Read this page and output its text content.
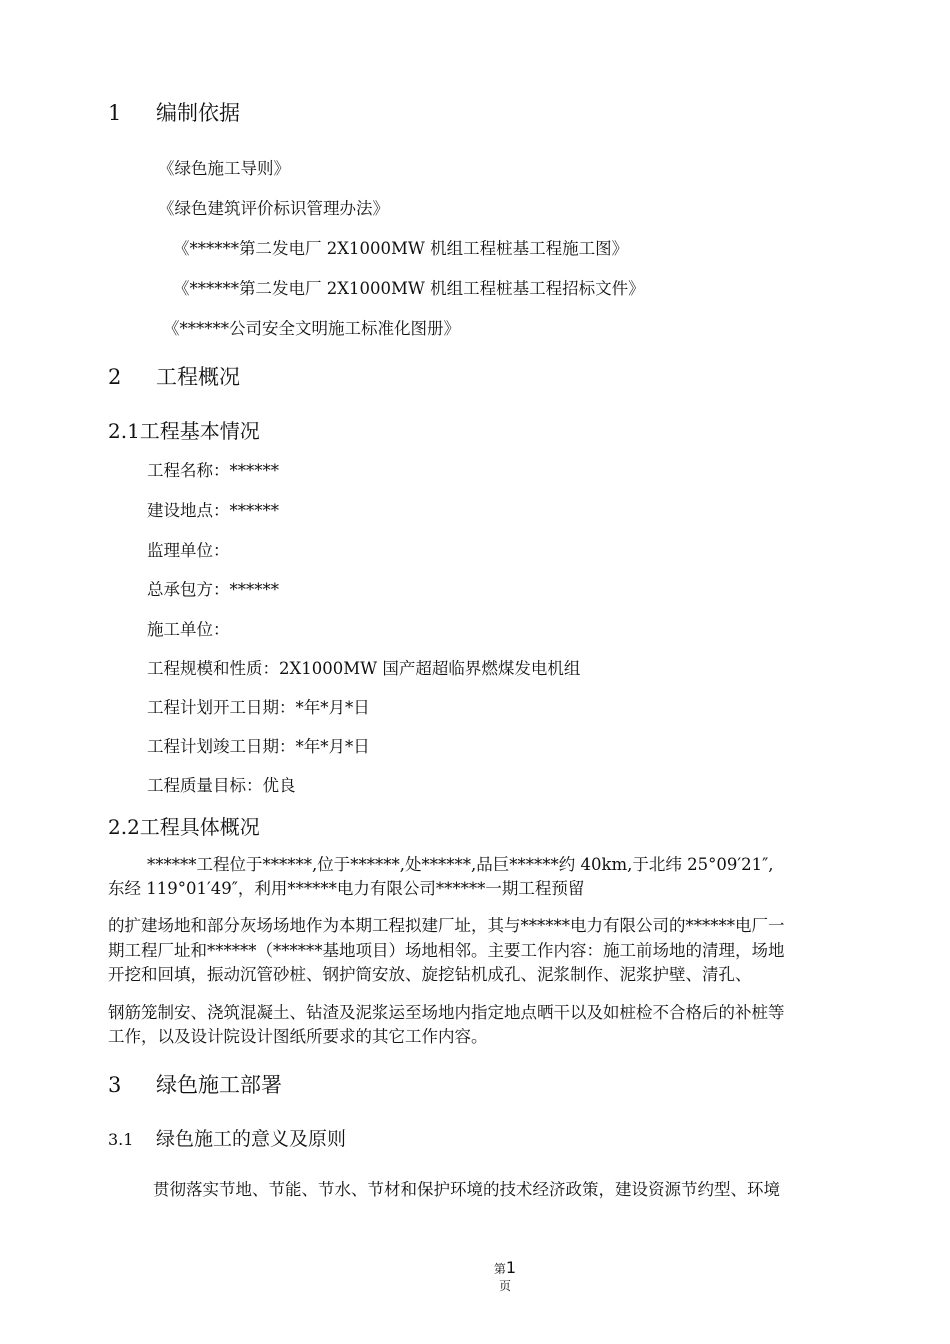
1 编制依据
《绿色施工导则》
《绿色建筑评价标识管理办法》
《******第二发电厂 2X1000MW 机组工程桩基工程施工图》
《******第二发电厂 2X1000MW 机组工程桩基工程招标文件》
《******公司安全文明施工标准化图册》
2 工程概况
2.1工程基本情况
工程名称：******
建设地点：******
监理单位：
总承包方：******
施工单位：
工程规模和性质：2X1000MW 国产超超临界燃煤发电机组
工程计划开工日期：*年*月*日
工程计划竣工日期：*年*月*日
工程质量目标：优良
2.2工程具体概况
******工程位于******,位于******,处******,品巨******约 40km,于北纬 25°09′21″,
东经 119°01′49″，利用******电力有限公司******一期工程预留
的扩建场地和部分灰场场地作为本期工程拟建厂址，其与******电力有限公司的******电厂一
期工程厂址和******（******基地项目）场地相邻。主要工作内容：施工前场地的清理，场地
开挖和回填，振动沉管砂桩、钢护筒安放、旋挖钻机成孔、泥浆制作、泥浆护壁、清孔、
钢筋笼制安、浇筑混凝土、钻渣及泥浆运至场地内指定地点晒干以及如桩检不合格后的补桩等
工作，以及设计院设计图纸所要求的其它工作内容。
3 绿色施工部署
3.1 绿色施工的意义及原则
贯彻落实节地、节能、节水、节材和保护环境的技术经济政策，建设资源节约型、环境
第1
页
